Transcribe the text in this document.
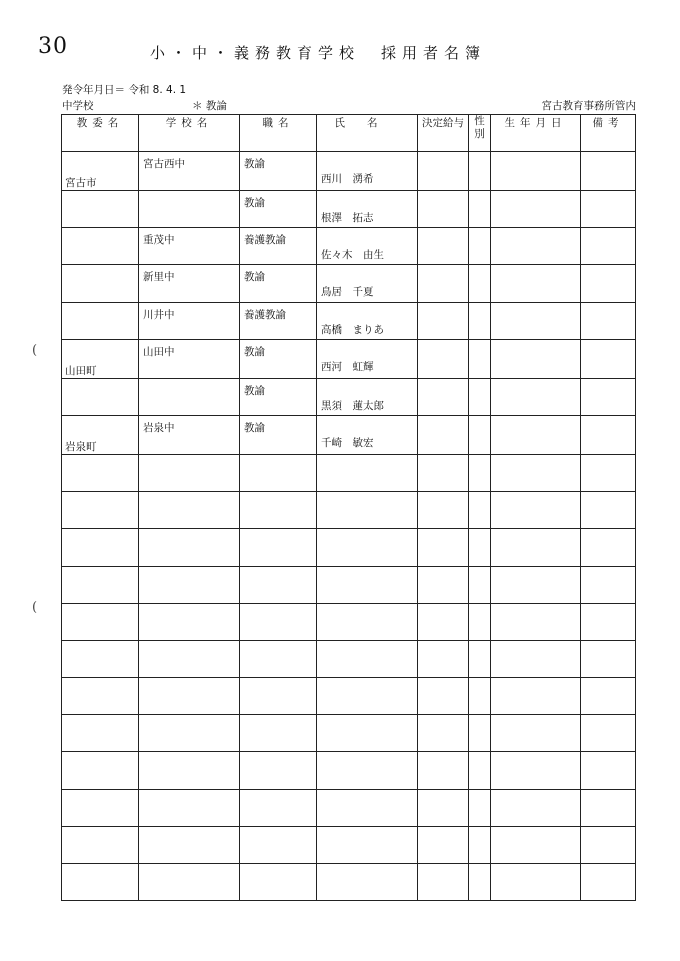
30	小・中・義務教育学校　採用者名簿
発令年月日＝ 令和 8. 4. 1
中学校	＊ 教論	宮古教育事務所管内
(
(
教委名	学校名	職名	氏名	決定給与	性別	生年月日	備考

宮古市	宮古西中	教諭	西川　湧希				

		教諭	根澤　拓志				

	重茂中	養護教諭	佐々木　由生				

	新里中	教諭	鳥居　千夏				

	川井中	養護教諭	高橋　まりあ				

山田町	山田中	教諭	西河　虹輝				

		教諭	黒須　蓮太郎				

岩泉町	岩泉中	教諭	千崎　敏宏				
